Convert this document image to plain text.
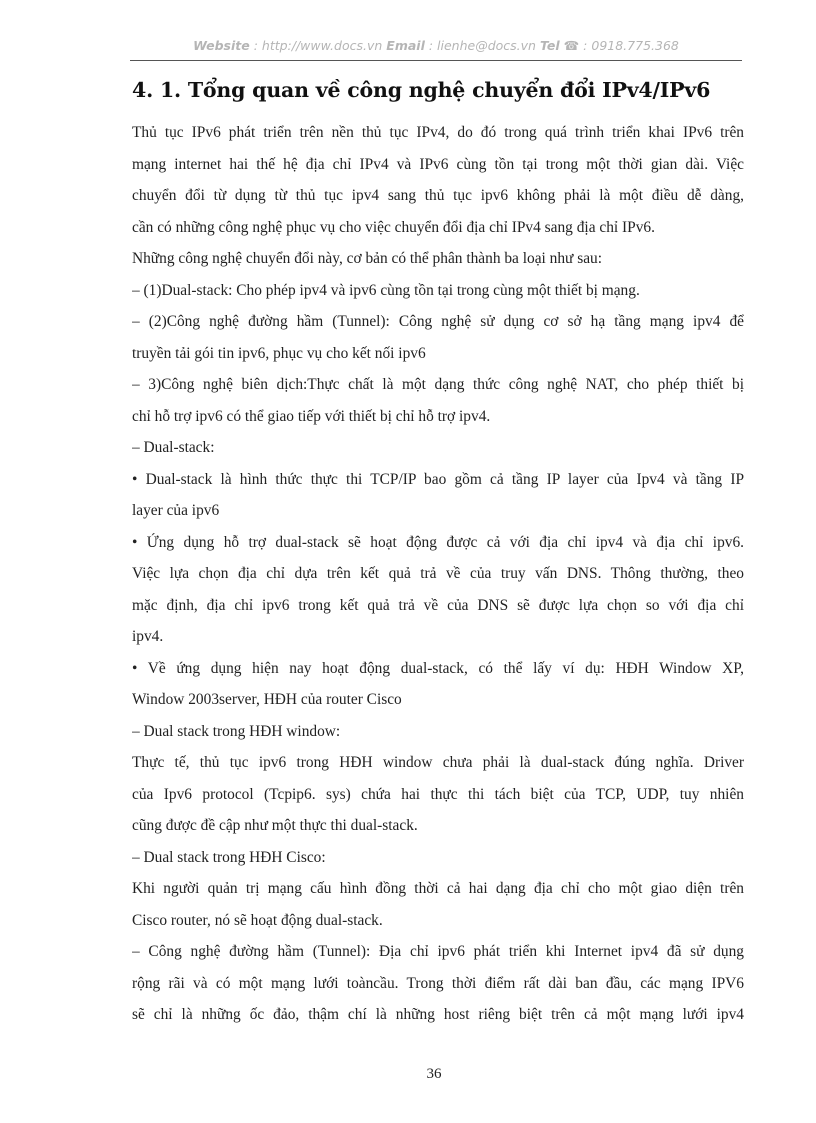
Website : http://www.docs.vn Email : lienhe@docs.vn Tel ☎ : 0918.775.368
4. 1. Tổng quan về công nghệ chuyển đổi IPv4/IPv6
Thủ tục IPv6 phát triển trên nền thủ tục IPv4, do đó trong quá trình triển khai IPv6 trên
mạng internet hai thế hệ địa chỉ IPv4 và IPv6 cùng tồn tại trong một thời gian dài. Việc
chuyển đổi từ dụng từ thủ tục ipv4 sang thủ tục ipv6 không phải là một điều dễ dàng,
cần có những công nghệ phục vụ cho việc chuyển đổi địa chỉ IPv4 sang địa chỉ IPv6.
Những công nghệ chuyển đổi này, cơ bản có thể phân thành ba loại như sau:
– (1)Dual-stack: Cho phép ipv4 và ipv6 cùng tồn tại trong cùng một thiết bị mạng.
– (2)Công nghệ đường hầm (Tunnel): Công nghệ sử dụng cơ sở hạ tầng mạng ipv4 để
truyền tải gói tin ipv6, phục vụ cho kết nối ipv6
– 3)Công nghệ biên dịch:Thực chất là một dạng thức công nghệ NAT, cho phép thiết bị
chỉ hỗ trợ ipv6 có thể giao tiếp với thiết bị chỉ hỗ trợ ipv4.
– Dual-stack:
• Dual-stack là hình thức thực thi TCP/IP bao gồm cả tầng IP layer của Ipv4 và tầng IP
layer của ipv6
• Ứng dụng hỗ trợ dual-stack sẽ hoạt động được cả với địa chỉ ipv4 và địa chỉ ipv6.
Việc lựa chọn địa chỉ dựa trên kết quả trả về của truy vấn DNS. Thông thường, theo
mặc định, địa chỉ ipv6 trong kết quả trả về của DNS sẽ được lựa chọn so với địa chỉ
ipv4.
• Về ứng dụng hiện nay hoạt động dual-stack, có thể lấy ví dụ: HĐH Window XP,
Window 2003server, HĐH của router Cisco
– Dual stack trong HĐH window:
Thực tế, thủ tục ipv6 trong HĐH window chưa phải là dual-stack đúng nghĩa. Driver
của Ipv6 protocol (Tcpip6. sys) chứa hai thực thi tách biệt của TCP, UDP, tuy nhiên
cũng được đề cập như một thực thi dual-stack.
– Dual stack trong HĐH Cisco:
Khi người quản trị mạng cấu hình đồng thời cả hai dạng địa chỉ cho một giao diện trên
Cisco router, nó sẽ hoạt động dual-stack.
– Công nghệ đường hầm (Tunnel): Địa chỉ ipv6 phát triển khi Internet ipv4 đã sử dụng
rộng rãi và có một mạng lưới toàncầu. Trong thời điểm rất dài ban đầu, các mạng IPV6
sẽ chỉ là những ốc đảo, thậm chí là những host riêng biệt trên cả một mạng lưới ipv4
36
